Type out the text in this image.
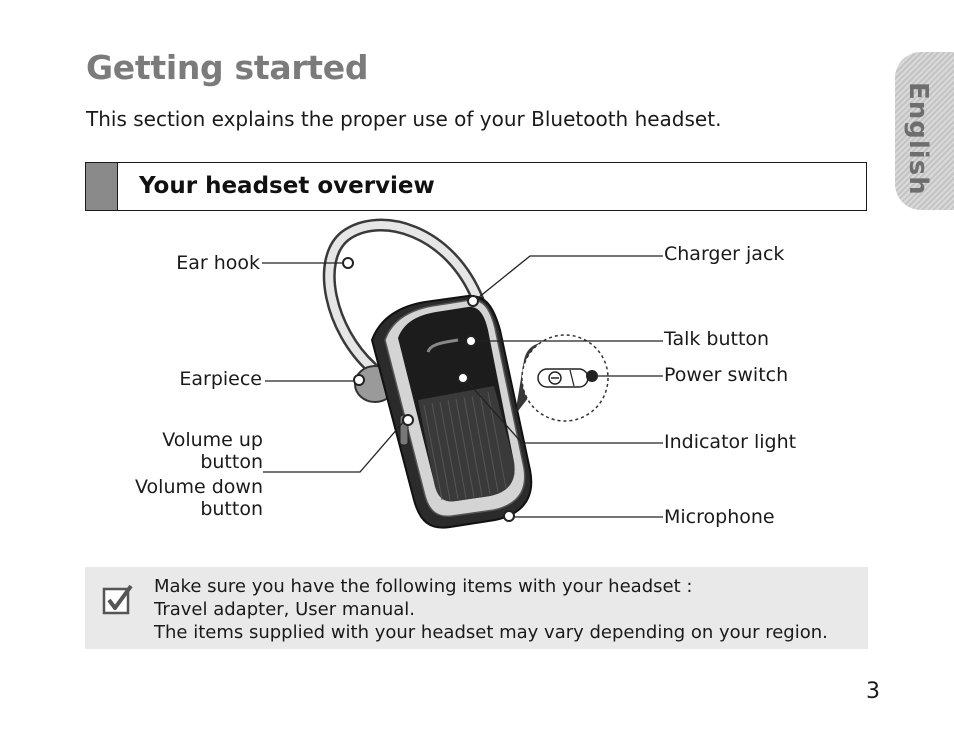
Getting started
This section explains the proper use of your Bluetooth headset.	English
Your headset overview
Ear hook
Earpiece
Volume up
button
Volume down
button
Charger jack
Talk button
Power switch
Indicator light
Microphone
Make sure you have the following items with your headset :
Travel adapter, User manual.
The items supplied with your headset may vary depending on your region.
3
